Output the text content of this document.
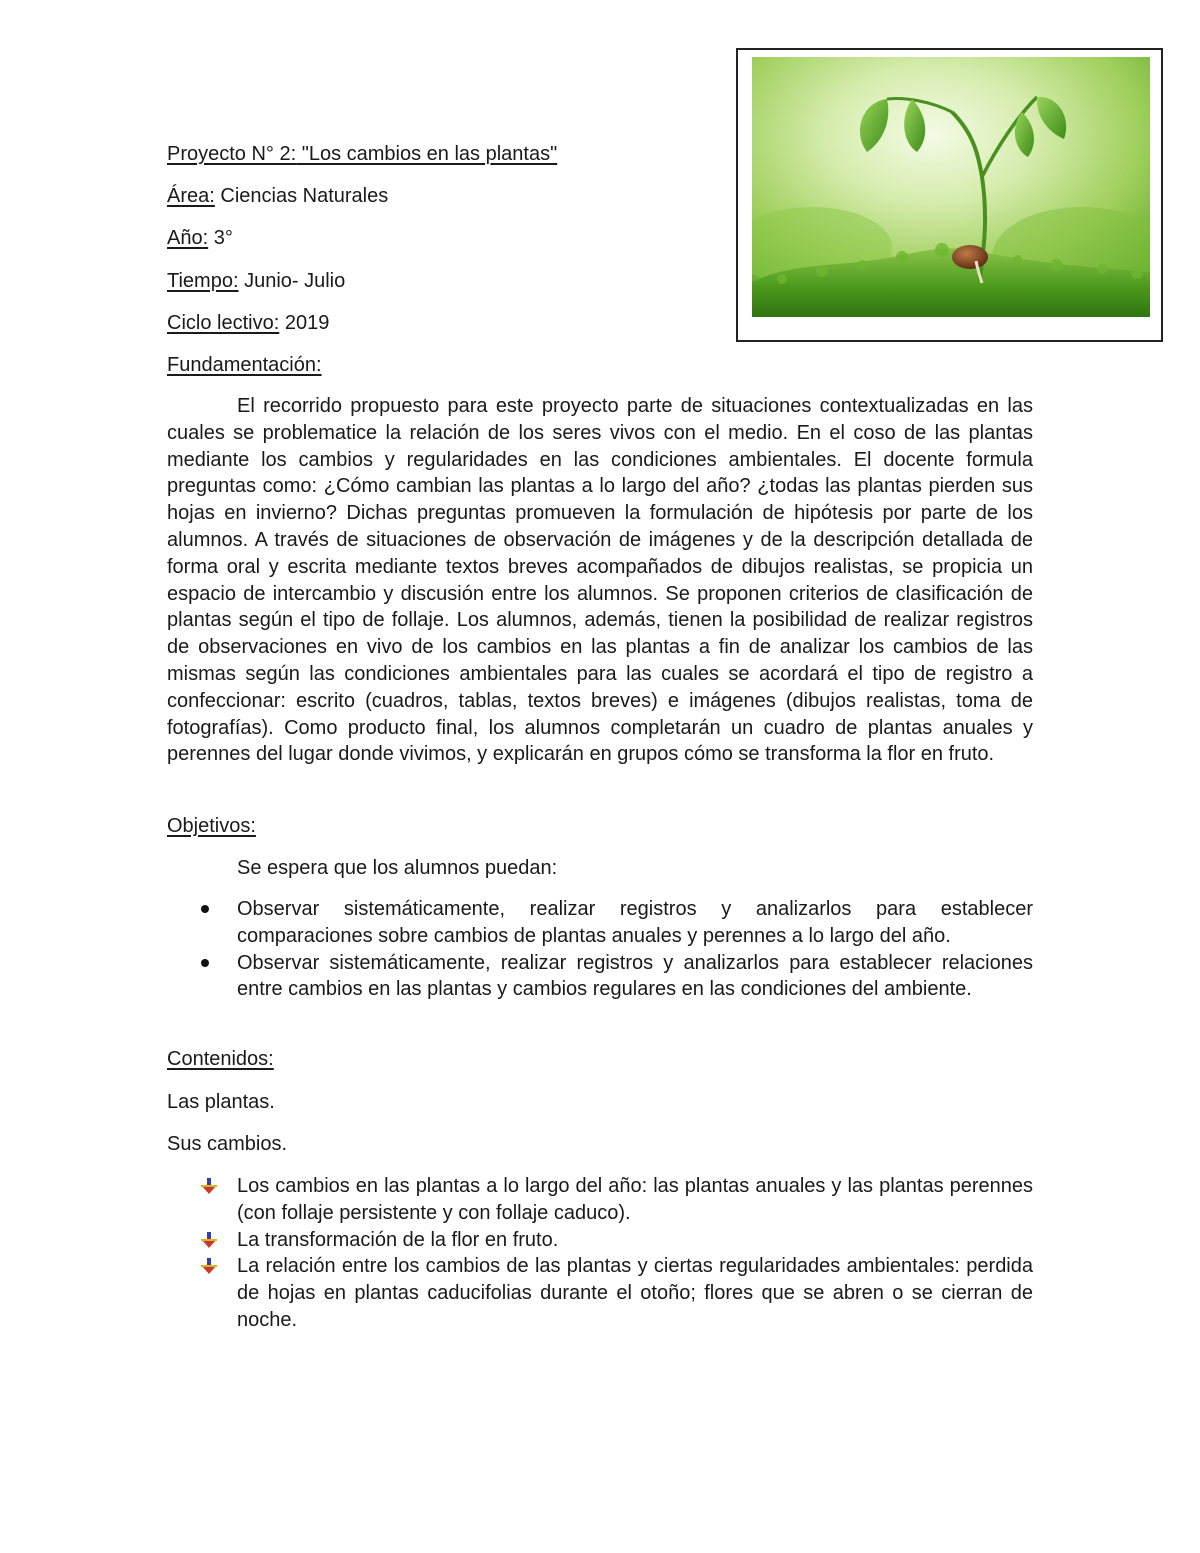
Proyecto N° 2: "Los cambios en las plantas"
Área: Ciencias Naturales
Año: 3°
Tiempo: Junio- Julio
Ciclo lectivo: 2019
Fundamentación:
El recorrido propuesto para este proyecto parte de situaciones contextualizadas en las cuales se problematice la relación de los seres vivos con el medio. En el coso de las plantas mediante los cambios y regularidades en las condiciones ambientales. El docente formula preguntas como: ¿Cómo cambian las plantas a lo largo del año? ¿todas las plantas pierden sus hojas en invierno? Dichas preguntas promueven la formulación de hipótesis por parte de los alumnos. A través de situaciones de observación de imágenes y de la descripción detallada de forma oral y escrita mediante textos breves acompañados de dibujos realistas, se propicia un espacio de intercambio y discusión entre los alumnos. Se proponen criterios de clasificación de plantas según el tipo de follaje. Los alumnos, además, tienen la posibilidad de realizar registros de observaciones en vivo de los cambios en las plantas a fin de analizar los cambios de las mismas según las condiciones ambientales para las cuales se acordará el tipo de registro a confeccionar: escrito (cuadros, tablas, textos breves) e imágenes (dibujos realistas, toma de fotografías). Como producto final, los alumnos completarán un cuadro de plantas anuales y perennes del lugar donde vivimos, y explicarán en grupos cómo se transforma la flor en fruto.
Objetivos:
Se espera que los alumnos puedan:
Observar sistemáticamente, realizar registros y analizarlos para establecer comparaciones sobre cambios de plantas anuales y perennes a lo largo del año.
Observar sistemáticamente, realizar registros y analizarlos para establecer relaciones entre cambios en las plantas y cambios regulares en las condiciones del ambiente.
Contenidos:
Las plantas.
Sus cambios.
Los cambios en las plantas a lo largo del año: las plantas anuales y las plantas perennes (con follaje persistente y con follaje caduco).
La transformación de la flor en fruto.
La relación entre los cambios de las plantas y ciertas regularidades ambientales: perdida de hojas en plantas caducifolias durante el otoño; flores que se abren o se cierran de noche.
